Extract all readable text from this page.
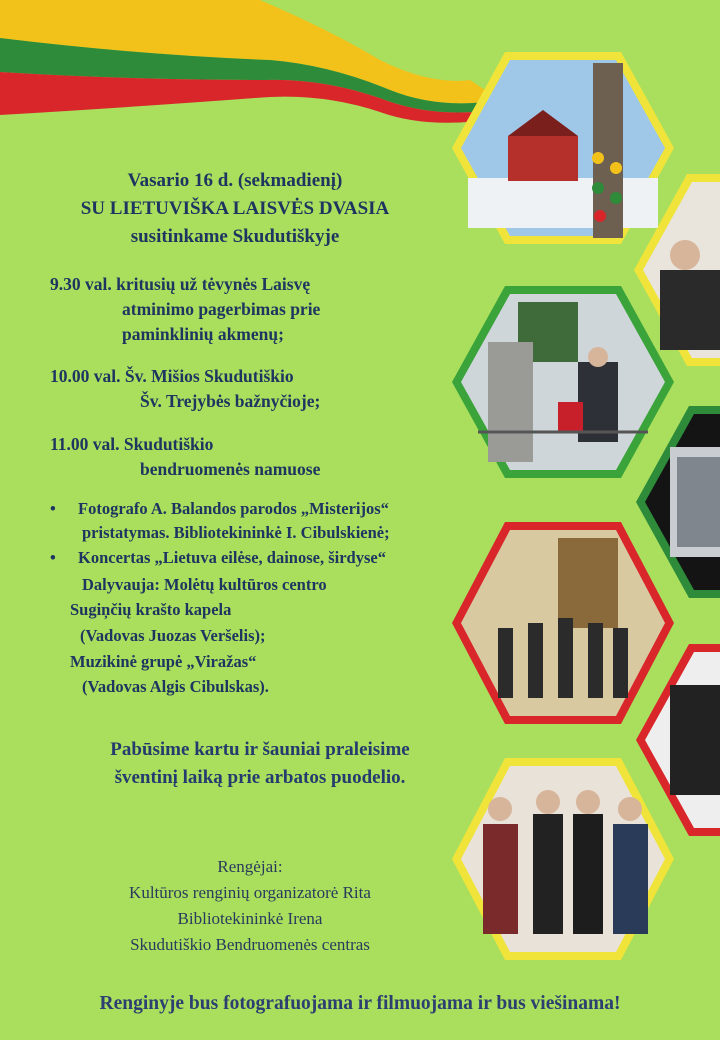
Vasario 16 d. (sekmadienį)
SU LIETUVIŠKA LAISVĖS DVASIA
susitinkame Skudutiškyje
9.30 val. kritusių už tėvynės Laisvę
atminimo pagerbimas prie
paminklinių akmenų;
10.00 val. Šv. Mišios Skudutiškio
Šv. Trejybės bažnyčioje;
11.00 val. Skudutiškio
bendruomenės namuose
• Fotografo A. Balandos parodos „Misterijos“
pristatymas. Bibliotekininkė I. Cibulskienė;
• Koncertas „Lietuva eilėse, dainose, širdyse“
Dalyvauja: Molėtų kultūros centro
Sugiņčių krašto kapela
(Vadovas Juozas Veršelis);
Muzikinė grupė „Viražas“
(Vadovas Algis Cibulskas).
Pabūsime kartu ir šauniai praleisime
šventinį laiką prie arbatos puodelio.
Rengėjai:
Kultūros renginių organizatorė Rita
Bibliotekininkė Irena
Skudutiškio Bendruomenės centras
Renginyje bus fotografuojama ir filmuojama ir bus viešinama!
